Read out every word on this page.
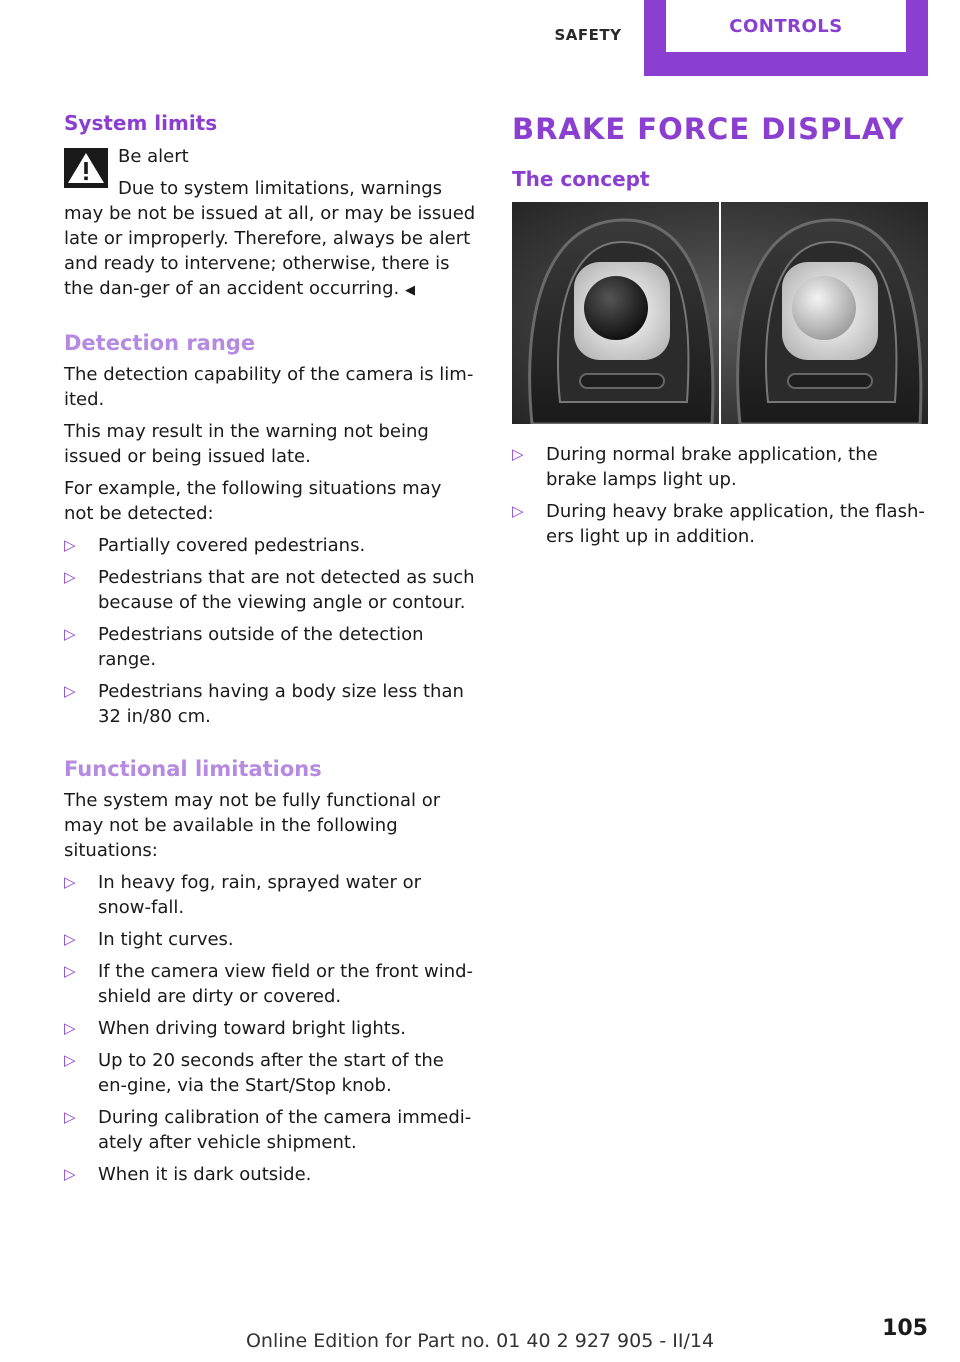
SAFETY	CONTROLS
System limits
Be alert
Due to system limitations, warnings may be not be issued at all, or may be issued late or improperly. Therefore, always be alert and ready to intervene; otherwise, there is the dan‐ger of an accident occurring. ◀
Detection range
The detection capability of the camera is lim‐ited.
This may result in the warning not being issued or being issued late.
For example, the following situations may not be detected:
▷ Partially covered pedestrians.
▷ Pedestrians that are not detected as such because of the viewing angle or contour.
▷ Pedestrians outside of the detection range.
▷ Pedestrians having a body size less than 32 in/80 cm.
Functional limitations
The system may not be fully functional or may not be available in the following situations:
▷ In heavy fog, rain, sprayed water or snow‐fall.
▷ In tight curves.
▷ If the camera view field or the front wind‐shield are dirty or covered.
▷ When driving toward bright lights.
▷ Up to 20 seconds after the start of the en‐gine, via the Start/Stop knob.
▷ During calibration of the camera immedi‐ately after vehicle shipment.
▷ When it is dark outside.
BRAKE FORCE DISPLAY
The concept
▷ During normal brake application, the brake lamps light up.
▷ During heavy brake application, the flash‐ers light up in addition.
105
Online Edition for Part no. 01 40 2 927 905 - II/14
